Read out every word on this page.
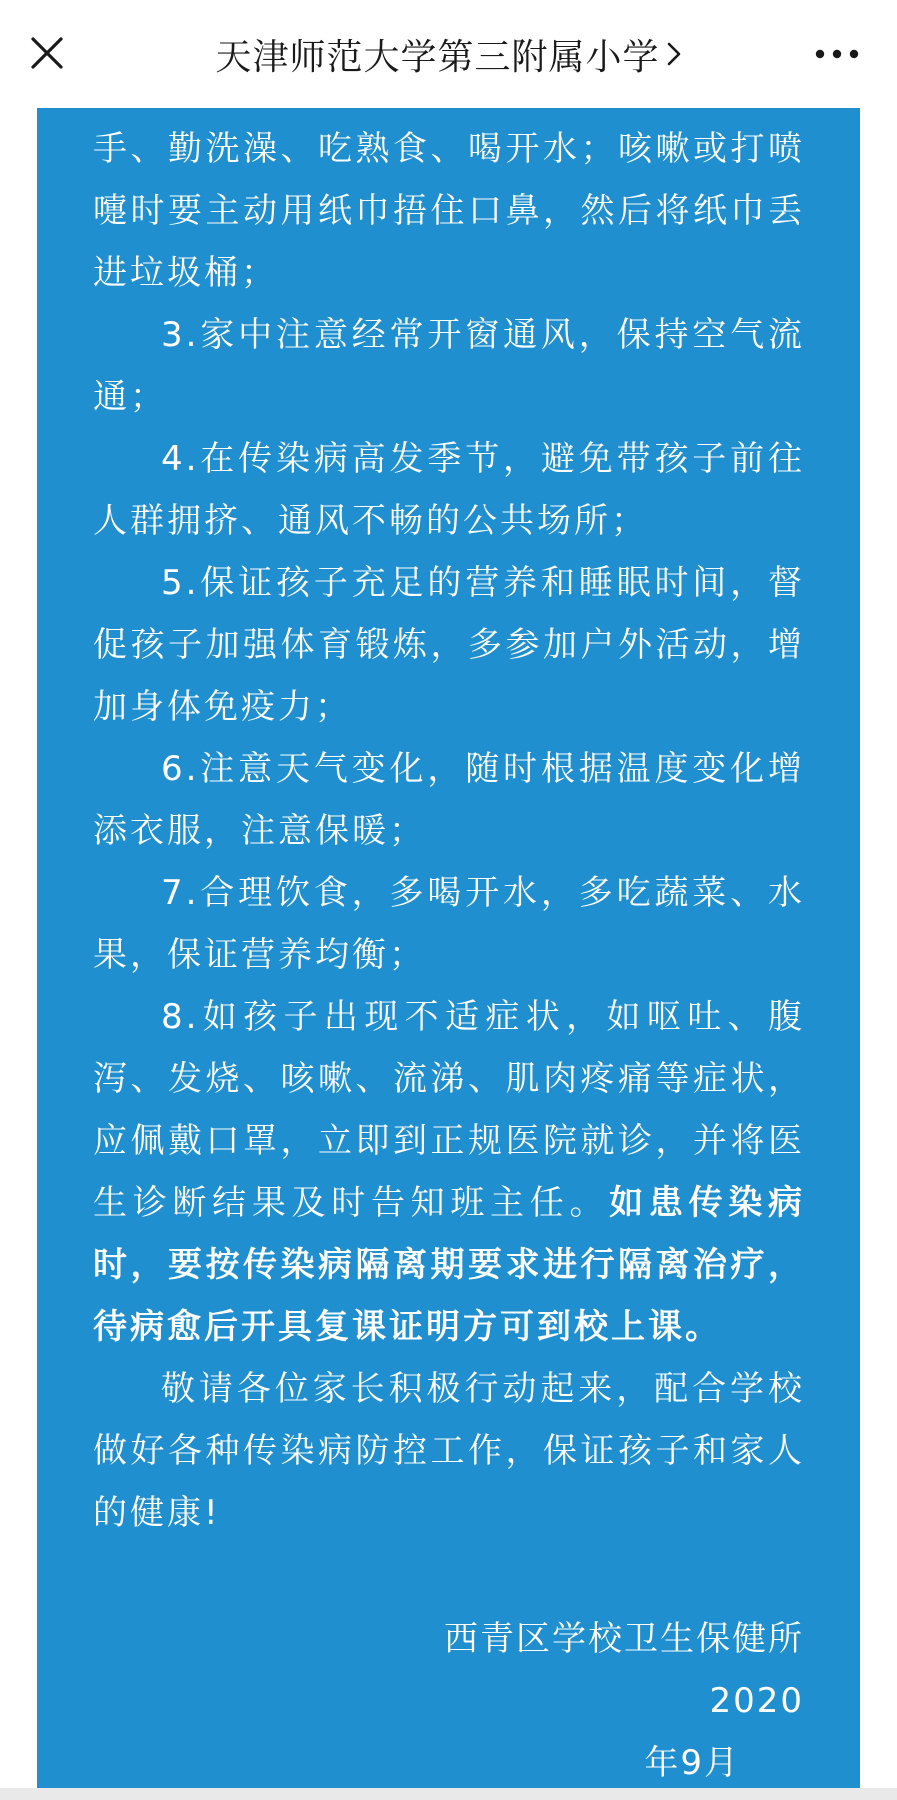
天津师范大学第三附属小学

手、勤洗澡、吃熟食、喝开水；咳嗽或打喷嚏时要主动用纸巾捂住口鼻，然后将纸巾丢进垃圾桶；

3.家中注意经常开窗通风，保持空气流通；

4.在传染病高发季节，避免带孩子前往人群拥挤、通风不畅的公共场所；

5.保证孩子充足的营养和睡眠时间，督促孩子加强体育锻炼，多参加户外活动，增加身体免疫力；

6.注意天气变化，随时根据温度变化增添衣服，注意保暖；

7.合理饮食，多喝开水，多吃蔬菜、水果，保证营养均衡；

8.如孩子出现不适症状，如呕吐、腹泻、发烧、咳嗽、流涕、肌肉疼痛等症状，应佩戴口罩，立即到正规医院就诊，并将医生诊断结果及时告知班主任。如患传染病时，要按传染病隔离期要求进行隔离治疗，待病愈后开具复课证明方可到校上课。

敬请各位家长积极行动起来，配合学校做好各种传染病防控工作，保证孩子和家人的健康!

西青区学校卫生保健所
2020
年9月
